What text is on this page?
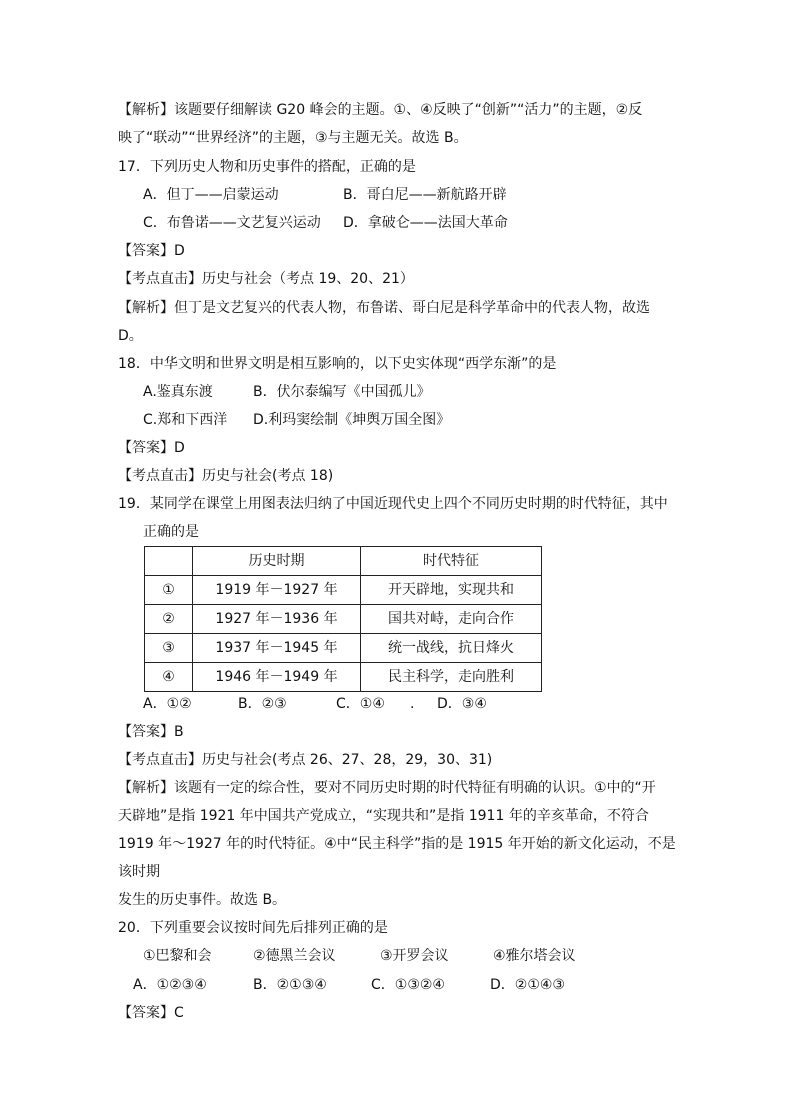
【解析】该题要仔细解读 G20 峰会的主题。①、④反映了“创新”“活力”的主题，②反
映了“联动”“世界经济”的主题，③与主题无关。故选 B。
17．下列历史人物和历史事件的搭配，正确的是
A．但丁——启蒙运动	B．哥白尼——新航路开辟
C．布鲁诺——文艺复兴运动 D．拿破仑——法国大革命
【答案】D
【考点直击】历史与社会（考点 19、20、21）
【解析】但丁是文艺复兴的代表人物，布鲁诺、哥白尼是科学革命中的代表人物，故选
D。
18．中华文明和世界文明是相互影响的，以下史实体现“西学东渐”的是
A.鉴真东渡	B．伏尔泰编写《中国孤儿》
C.郑和下西洋 D.利玛窦绘制《坤舆万国全图》
【答案】D
【考点直击】历史与社会(考点 18)
19．某同学在课堂上用图表法归纳了中国近现代史上四个不同历史时期的时代特征，其中
正确的是
	历史时期	时代特征
①	1919 年－1927 年	开天辟地，实现共和
②	1927 年－1936 年	国共对峙，走向合作
③	1937 年－1945 年	统一战线，抗日烽火
④	1946 年－1949 年	民主科学，走向胜利
A．①②	B．②③	C．①④ . D．③④
【答案】B
【考点直击】历史与社会(考点 26、27、28，29，30、31)
【解析】该题有一定的综合性，要对不同历史时期的时代特征有明确的认识。①中的“开
天辟地”是指 1921 年中国共产党成立，“实现共和”是指 1911 年的辛亥革命，不符合
1919 年～1927 年的时代特征。④中“民主科学”指的是 1915 年开始的新文化运动，不是
该时期
发生的历史事件。故选 B。
20．下列重要会议按时间先后排列正确的是
①巴黎和会	②德黑兰会议	③开罗会议	④雅尔塔会议
A．①②③④	B．②①③④	C．①③②④	D．②①④③
【答案】C
